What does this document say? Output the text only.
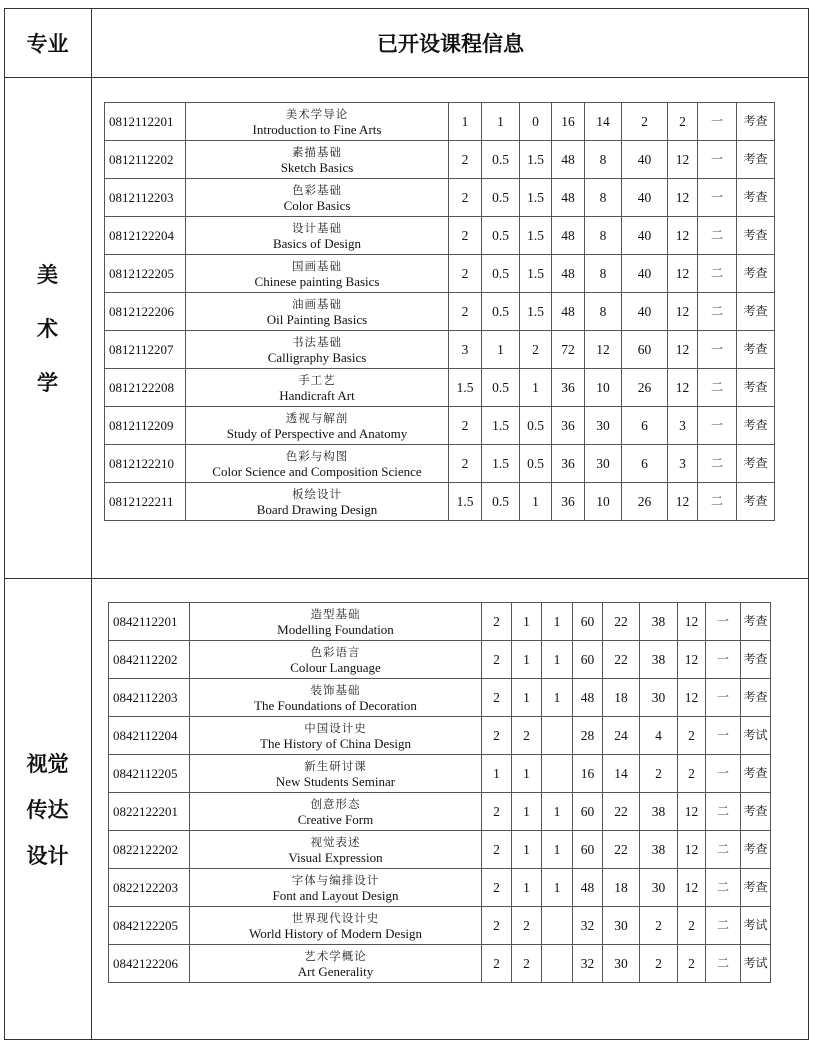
专业	已开设课程信息
美
术
学
视觉
传达
设计
0812112201	美术学导论
Introduction to Fine Arts	1	1	0	16	14	2	2	一	考查
0812112202	素描基础
Sketch Basics	2	0.5	1.5	48	8	40	12	一	考查
0812112203	色彩基础
Color Basics	2	0.5	1.5	48	8	40	12	一	考查
0812122204	设计基础
Basics of Design	2	0.5	1.5	48	8	40	12	二	考查
0812122205	国画基础
Chinese painting Basics	2	0.5	1.5	48	8	40	12	二	考查
0812122206	油画基础
Oil Painting Basics	2	0.5	1.5	48	8	40	12	二	考查
0812112207	书法基础
Calligraphy Basics	3	1	2	72	12	60	12	一	考查
0812122208	手工艺
Handicraft Art	1.5	0.5	1	36	10	26	12	二	考查
0812112209	透视与解剖
Study of Perspective and Anatomy	2	1.5	0.5	36	30	6	3	一	考查
0812122210	色彩与构图
Color Science and Composition Science	2	1.5	0.5	36	30	6	3	二	考查
0812122211	板绘设计
Board Drawing Design	1.5	0.5	1	36	10	26	12	二	考查
0842112201	造型基础
Modelling Foundation	2	1	1	60	22	38	12	一	考查
0842112202	色彩语言
Colour Language	2	1	1	60	22	38	12	一	考查
0842112203	装饰基础
The Foundations of Decoration	2	1	1	48	18	30	12	一	考查
0842112204	中国设计史
The History of China Design	2	2		28	24	4	2	一	考试
0842112205	新生研讨课
New Students Seminar	1	1		16	14	2	2	一	考查
0822122201	创意形态
Creative Form	2	1	1	60	22	38	12	二	考查
0822122202	视觉表述
Visual Expression	2	1	1	60	22	38	12	二	考查
0822122203	字体与编排设计
Font and Layout Design	2	1	1	48	18	30	12	二	考查
0842122205	世界现代设计史
World History of Modern Design	2	2		32	30	2	2	二	考试
0842122206	艺术学概论
Art Generality	2	2		32	30	2	2	二	考试
